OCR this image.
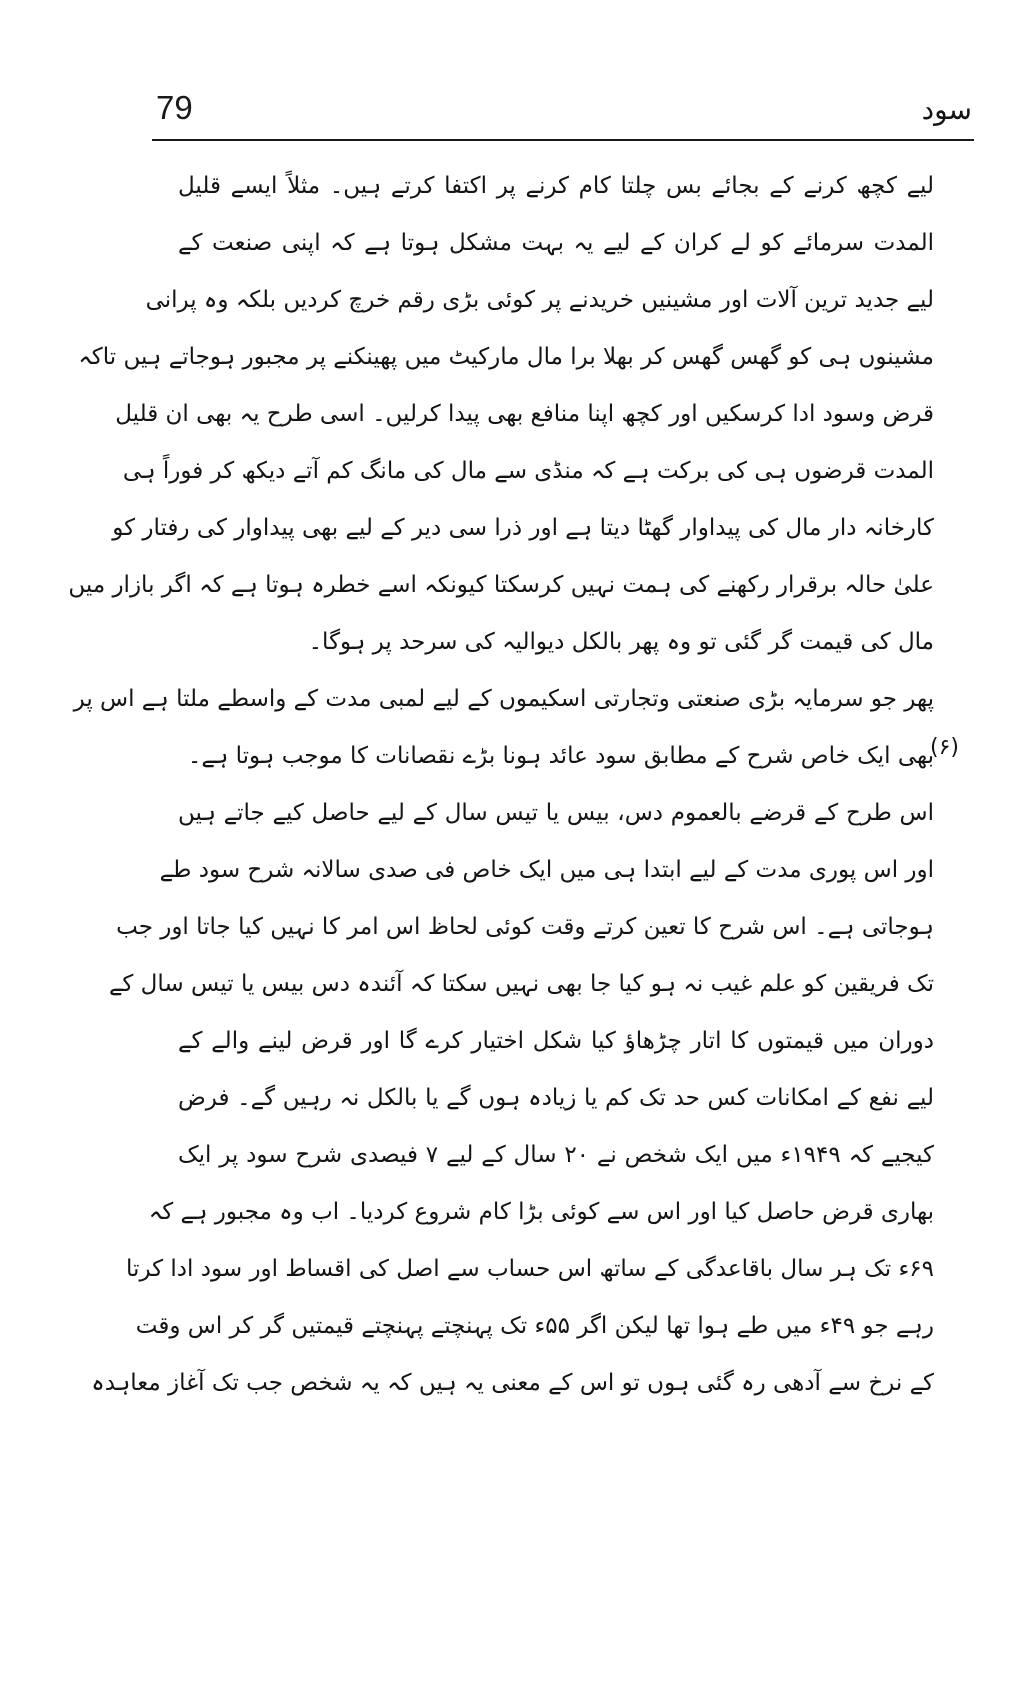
79	سود
(۶)
لیے کچھ کرنے کے بجائے بس چلتا کام کرنے پر اکتفا کرتے ہیں۔ مثلاً ایسے قلیل
المدت سرمائے کو لے کران کے لیے یہ بہت مشکل ہوتا ہے کہ اپنی صنعت کے
لیے جدید ترین آلات اور مشینیں خریدنے پر کوئی بڑی رقم خرچ کردیں بلکہ وہ پرانی
مشینوں ہی کو گھس گھس کر بھلا برا مال مارکیٹ میں پھینکنے پر مجبور ہوجاتے ہیں تاکہ
قرض وسود ادا کرسکیں اور کچھ اپنا منافع بھی پیدا کرلیں۔ اسی طرح یہ بھی ان قلیل
المدت قرضوں ہی کی برکت ہے کہ منڈی سے مال کی مانگ کم آتے دیکھ کر فوراً ہی
کارخانہ دار مال کی پیداوار گھٹا دیتا ہے اور ذرا سی دیر کے لیے بھی پیداوار کی رفتار کو
علیٰ حالہ برقرار رکھنے کی ہمت نہیں کرسکتا کیونکہ اسے خطرہ ہوتا ہے کہ اگر بازار میں
مال کی قیمت گر گئی تو وہ پھر بالکل دیوالیہ کی سرحد پر ہوگا۔
پھر جو سرمایہ بڑی صنعتی وتجارتی اسکیموں کے لیے لمبی مدت کے واسطے ملتا ہے اس پر
بھی ایک خاص شرح کے مطابق سود عائد ہونا بڑے نقصانات کا موجب ہوتا ہے۔
اس طرح کے قرضے بالعموم دس، بیس یا تیس سال کے لیے حاصل کیے جاتے ہیں
اور اس پوری مدت کے لیے ابتدا ہی میں ایک خاص فی صدی سالانہ شرح سود طے
ہوجاتی ہے۔ اس شرح کا تعین کرتے وقت کوئی لحاظ اس امر کا نہیں کیا جاتا اور جب
تک فریقین کو علم غیب نہ ہو کیا جا بھی نہیں سکتا کہ آئندہ دس بیس یا تیس سال کے
دوران میں قیمتوں کا اتار چڑھاؤ کیا شکل اختیار کرے گا اور قرض لینے والے کے
لیے نفع کے امکانات کس حد تک کم یا زیادہ ہوں گے یا بالکل نہ رہیں گے۔ فرض
کیجیے کہ ۱۹۴۹ء میں ایک شخص نے ۲۰ سال کے لیے ۷ فیصدی شرح سود پر ایک
بھاری قرض حاصل کیا اور اس سے کوئی بڑا کام شروع کردیا۔ اب وہ مجبور ہے کہ
۶۹ء تک ہر سال باقاعدگی کے ساتھ اس حساب سے اصل کی اقساط اور سود ادا کرتا
رہے جو ۴۹ء میں طے ہوا تھا لیکن اگر ۵۵ء تک پہنچتے پہنچتے قیمتیں گر کر اس وقت
کے نرخ سے آدھی رہ گئی ہوں تو اس کے معنی یہ ہیں کہ یہ شخص جب تک آغاز معاہدہ
